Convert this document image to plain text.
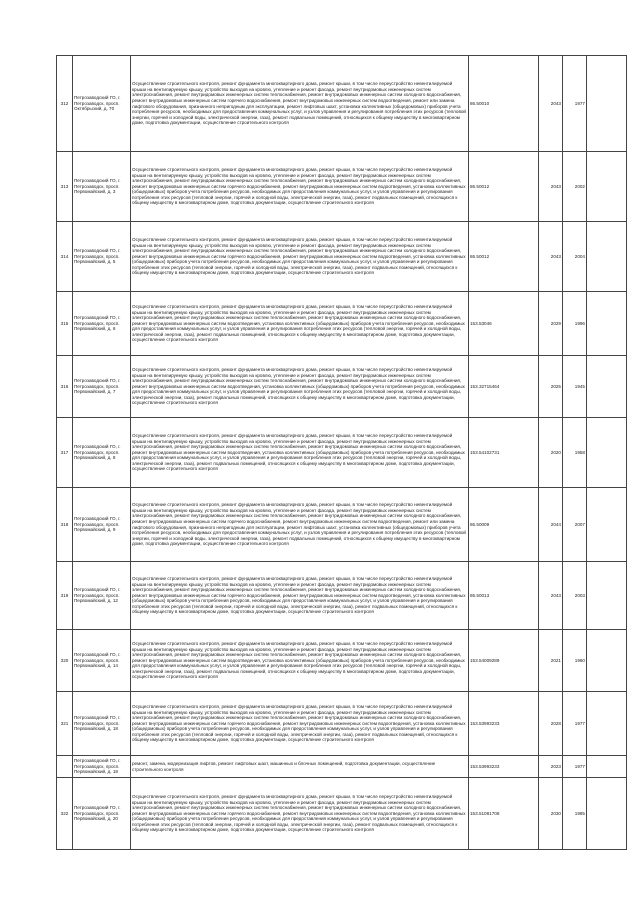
312	Петрозаводский ГО, г. Петрозаводск, просп. Октябрьский, д. 70	Осуществление строительного контроля, ремонт фундамента многоквартирного дома, ремонт крыши, в том числе переустройство невентилируемой крыши на вентилируемую крышу, устройство выходов на кровлю, утепление и ремонт фасада, ремонт внутридомовых инженерных систем электроснабжения, ремонт внутридомовых инженерных систем теплоснабжения, ремонт внутридомовых инженерных систем холодного водоснабжения, ремонт внутридомовых инженерных систем горячего водоснабжения, ремонт внутридомовых инженерных систем водоотведения, ремонт или замена лифтового оборудования, признанного непригодным для эксплуатации, ремонт лифтовых шахт, установка коллективных (общедомовых) приборов учета потребления ресурсов, необходимых для предоставления коммунальных услуг, и узлов управления и регулирования потребления этих ресурсов (тепловой энергии, горячей и холодной воды, электрической энергии, газа), ремонт подвальных помещений, относящихся к общему имуществу в многоквартирном доме, подготовка документации, осуществление строительного контроля	86.50010	2043	1977	
313	Петрозаводский ГО, г. Петрозаводск, просп. Первомайский, д. 3	Осуществление строительного контроля, ремонт фундамента многоквартирного дома, ремонт крыши, в том числе переустройство невентилируемой крыши на вентилируемую крышу, устройство выходов на кровлю, утепление и ремонт фасада, ремонт внутридомовых инженерных систем электроснабжения, ремонт внутридомовых инженерных систем теплоснабжения, ремонт внутридомовых инженерных систем холодного водоснабжения, ремонт внутридомовых инженерных систем горячего водоснабжения, ремонт внутридомовых инженерных систем водоотведения, установка коллективных (общедомовых) приборов учета потребления ресурсов, необходимых для предоставления коммунальных услуг, и узлов управления и регулирования потребления этих ресурсов (тепловой энергии, горячей и холодной воды, электрической энергии, газа), ремонт подвальных помещений, относящихся к общему имуществу в многоквартирном доме, подготовка документации, осуществление строительного контроля	86.50012	2043	2002	
314	Петрозаводский ГО, г. Петрозаводск, просп. Первомайский, д. 5	Осуществление строительного контроля, ремонт фундамента многоквартирного дома, ремонт крыши, в том числе переустройство невентилируемой крыши на вентилируемую крышу, устройство выходов на кровлю, утепление и ремонт фасада, ремонт внутридомовых инженерных систем электроснабжения, ремонт внутридомовых инженерных систем теплоснабжения, ремонт внутридомовых инженерных систем холодного водоснабжения, ремонт внутридомовых инженерных систем горячего водоснабжения, ремонт внутридомовых инженерных систем водоотведения, установка коллективных (общедомовых) приборов учета потребления ресурсов, необходимых для предоставления коммунальных услуг, и узлов управления и регулирования потребления этих ресурсов (тепловой энергии, горячей и холодной воды, электрической энергии, газа), ремонт подвальных помещений, относящихся к общему имуществу в многоквартирном доме, подготовка документации, осуществление строительного контроля	86.50012	2043	2004	
315	Петрозаводский ГО, г. Петрозаводск, просп. Первомайский, д. 6	Осуществление строительного контроля, ремонт фундамента многоквартирного дома, ремонт крыши, в том числе переустройство невентилируемой крыши на вентилируемую крышу, устройство выходов на кровлю, утепление и ремонт фасада, ремонт внутридомовых инженерных систем электроснабжения, ремонт внутридомовых инженерных систем теплоснабжения, ремонт внутридомовых инженерных систем холодного водоснабжения, ремонт внутридомовых инженерных систем водоотведения, установка коллективных (общедомовых) приборов учета потребления ресурсов, необходимых для предоставления коммунальных услуг, и узлов управления и регулирования потребления этих ресурсов (тепловой энергии, горячей и холодной воды, электрической энергии, газа), ремонт подвальных помещений, относящихся к общему имуществу в многоквартирном доме, подготовка документации, осуществление строительного контроля	153.53046	2029	1996	
316	Петрозаводский ГО, г. Петрозаводск, просп. Первомайский, д. 7	Осуществление строительного контроля, ремонт фундамента многоквартирного дома, ремонт крыши, в том числе переустройство невентилируемой крыши на вентилируемую крышу, устройство выходов на кровлю, утепление и ремонт фасада, ремонт внутридомовых инженерных систем электроснабжения, ремонт внутридомовых инженерных систем теплоснабжения, ремонт внутридомовых инженерных систем холодного водоснабжения, ремонт внутридомовых инженерных систем водоотведения, установка коллективных (общедомовых) приборов учета потребления ресурсов, необходимых для предоставления коммунальных услуг, и узлов управления и регулирования потребления этих ресурсов (тепловой энергии, горячей и холодной воды, электрической энергии, газа), ремонт подвальных помещений, относящихся к общему имуществу в многоквартирном доме, подготовка документации, осуществление строительного контроля	153.32715464	2025	1945	
317	Петрозаводский ГО, г. Петрозаводск, просп. Первомайский, д. 8	Осуществление строительного контроля, ремонт фундамента многоквартирного дома, ремонт крыши, в том числе переустройство невентилируемой крыши на вентилируемую крышу, устройство выходов на кровлю, утепление и ремонт фасада, ремонт внутридомовых инженерных систем электроснабжения, ремонт внутридомовых инженерных систем теплоснабжения, ремонт внутридомовых инженерных систем холодного водоснабжения, ремонт внутридомовых инженерных систем водоотведения, установка коллективных (общедомовых) приборов учета потребления ресурсов, необходимых для предоставления коммунальных услуг, и узлов управления и регулирования потребления этих ресурсов (тепловой энергии, горячей и холодной воды, электрической энергии, газа), ремонт подвальных помещений, относящихся к общему имуществу в многоквартирном доме, подготовка документации, осуществление строительного контроля	153.54102731	2020	1958	
318	Петрозаводский ГО, г. Петрозаводск, просп. Первомайский, д. 9	Осуществление строительного контроля, ремонт фундамента многоквартирного дома, ремонт крыши, в том числе переустройство невентилируемой крыши на вентилируемую крышу, устройство выходов на кровлю, утепление и ремонт фасада, ремонт внутридомовых инженерных систем электроснабжения, ремонт внутридомовых инженерных систем теплоснабжения, ремонт внутридомовых инженерных систем холодного водоснабжения, ремонт внутридомовых инженерных систем горячего водоснабжения, ремонт внутридомовых инженерных систем водоотведения, ремонт или замена лифтового оборудования, признанного непригодным для эксплуатации, ремонт лифтовых шахт, установка коллективных (общедомовых) приборов учета потребления ресурсов, необходимых для предоставления коммунальных услуг, и узлов управления и регулирования потребления этих ресурсов (тепловой энергии, горячей и холодной воды, электрической энергии, газа), ремонт подвальных помещений, относящихся к общему имуществу в многоквартирном доме, подготовка документации, осуществление строительного контроля	86.50009	2044	2007	
319	Петрозаводский ГО, г. Петрозаводск, просп. Первомайский, д. 12	Осуществление строительного контроля, ремонт фундамента многоквартирного дома, ремонт крыши, в том числе переустройство невентилируемой крыши на вентилируемую крышу, устройство выходов на кровлю, утепление и ремонт фасада, ремонт внутридомовых инженерных систем электроснабжения, ремонт внутридомовых инженерных систем теплоснабжения, ремонт внутридомовых инженерных систем холодного водоснабжения, ремонт внутридомовых инженерных систем горячего водоснабжения, ремонт внутридомовых инженерных систем водоотведения, установка коллективных (общедомовых) приборов учета потребления ресурсов, необходимых для предоставления коммунальных услуг, и узлов управления и регулирования потребления этих ресурсов (тепловой энергии, горячей и холодной воды, электрической энергии, газа), ремонт подвальных помещений, относящихся к общему имуществу в многоквартирном доме, подготовка документации, осуществление строительного контроля	86.50013	2043	2003	
320	Петрозаводский ГО, г. Петрозаводск, просп. Первомайский, д. 14	Осуществление строительного контроля, ремонт фундамента многоквартирного дома, ремонт крыши, в том числе переустройство невентилируемой крыши на вентилируемую крышу, устройство выходов на кровлю, утепление и ремонт фасада, ремонт внутридомовых инженерных систем электроснабжения, ремонт внутридомовых инженерных систем теплоснабжения, ремонт внутридомовых инженерных систем холодного водоснабжения, ремонт внутридомовых инженерных систем водоотведения, установка коллективных (общедомовых) приборов учета потребления ресурсов, необходимых для предоставления коммунальных услуг, и узлов управления и регулирования потребления этих ресурсов (тепловой энергии, горячей и холодной воды, электрической энергии, газа), ремонт подвальных помещений, относящихся к общему имуществу в многоквартирном доме, подготовка документации, осуществление строительного контроля	153.54009289	2021	1960	
321	Петрозаводский ГО, г. Петрозаводск, просп. Первомайский, д. 18	Осуществление строительного контроля, ремонт фундамента многоквартирного дома, ремонт крыши, в том числе переустройство невентилируемой крыши на вентилируемую крышу, устройство выходов на кровлю, утепление и ремонт фасада, ремонт внутридомовых инженерных систем электроснабжения, ремонт внутридомовых инженерных систем теплоснабжения, ремонт внутридомовых инженерных систем холодного водоснабжения, ремонт внутридомовых инженерных систем горячего водоснабжения, ремонт внутридомовых инженерных систем водоотведения, установка коллективных (общедомовых) приборов учета потребления ресурсов, необходимых для предоставления коммунальных услуг, и узлов управления и регулирования потребления этих ресурсов (тепловой энергии, горячей и холодной воды, электрической энергии, газа), ремонт подвальных помещений, относящихся к общему имуществу в многоквартирном доме, подготовка документации, осуществление строительного контроля	153.53993233	2028	1977	
	Петрозаводский ГО, г. Петрозаводск, просп. Первомайский, д. 18	ремонт, замена, модернизация лифтов, ремонт лифтовых шахт, машинных и блочных помещений, подготовка документации, осуществление строительного контроля	153.53993233	2023	1977	
322	Петрозаводский ГО, г. Петрозаводск, просп. Первомайский, д. 20	Осуществление строительного контроля, ремонт фундамента многоквартирного дома, ремонт крыши, в том числе переустройство невентилируемой крыши на вентилируемую крышу, устройство выходов на кровлю, утепление и ремонт фасада, ремонт внутридомовых инженерных систем электроснабжения, ремонт внутридомовых инженерных систем теплоснабжения, ремонт внутридомовых инженерных систем холодного водоснабжения, ремонт внутридомовых инженерных систем горячего водоснабжения, ремонт внутридомовых инженерных систем водоотведения, установка коллективных (общедомовых) приборов учета потребления ресурсов, необходимых для предоставления коммунальных услуг, и узлов управления и регулирования потребления этих ресурсов (тепловой энергии, горячей и холодной воды, электрической энергии, газа), ремонт подвальных помещений, относящихся к общему имуществу в многоквартирном доме, подготовка документации, осуществление строительного контроля	153.51081708	2030	1985	
